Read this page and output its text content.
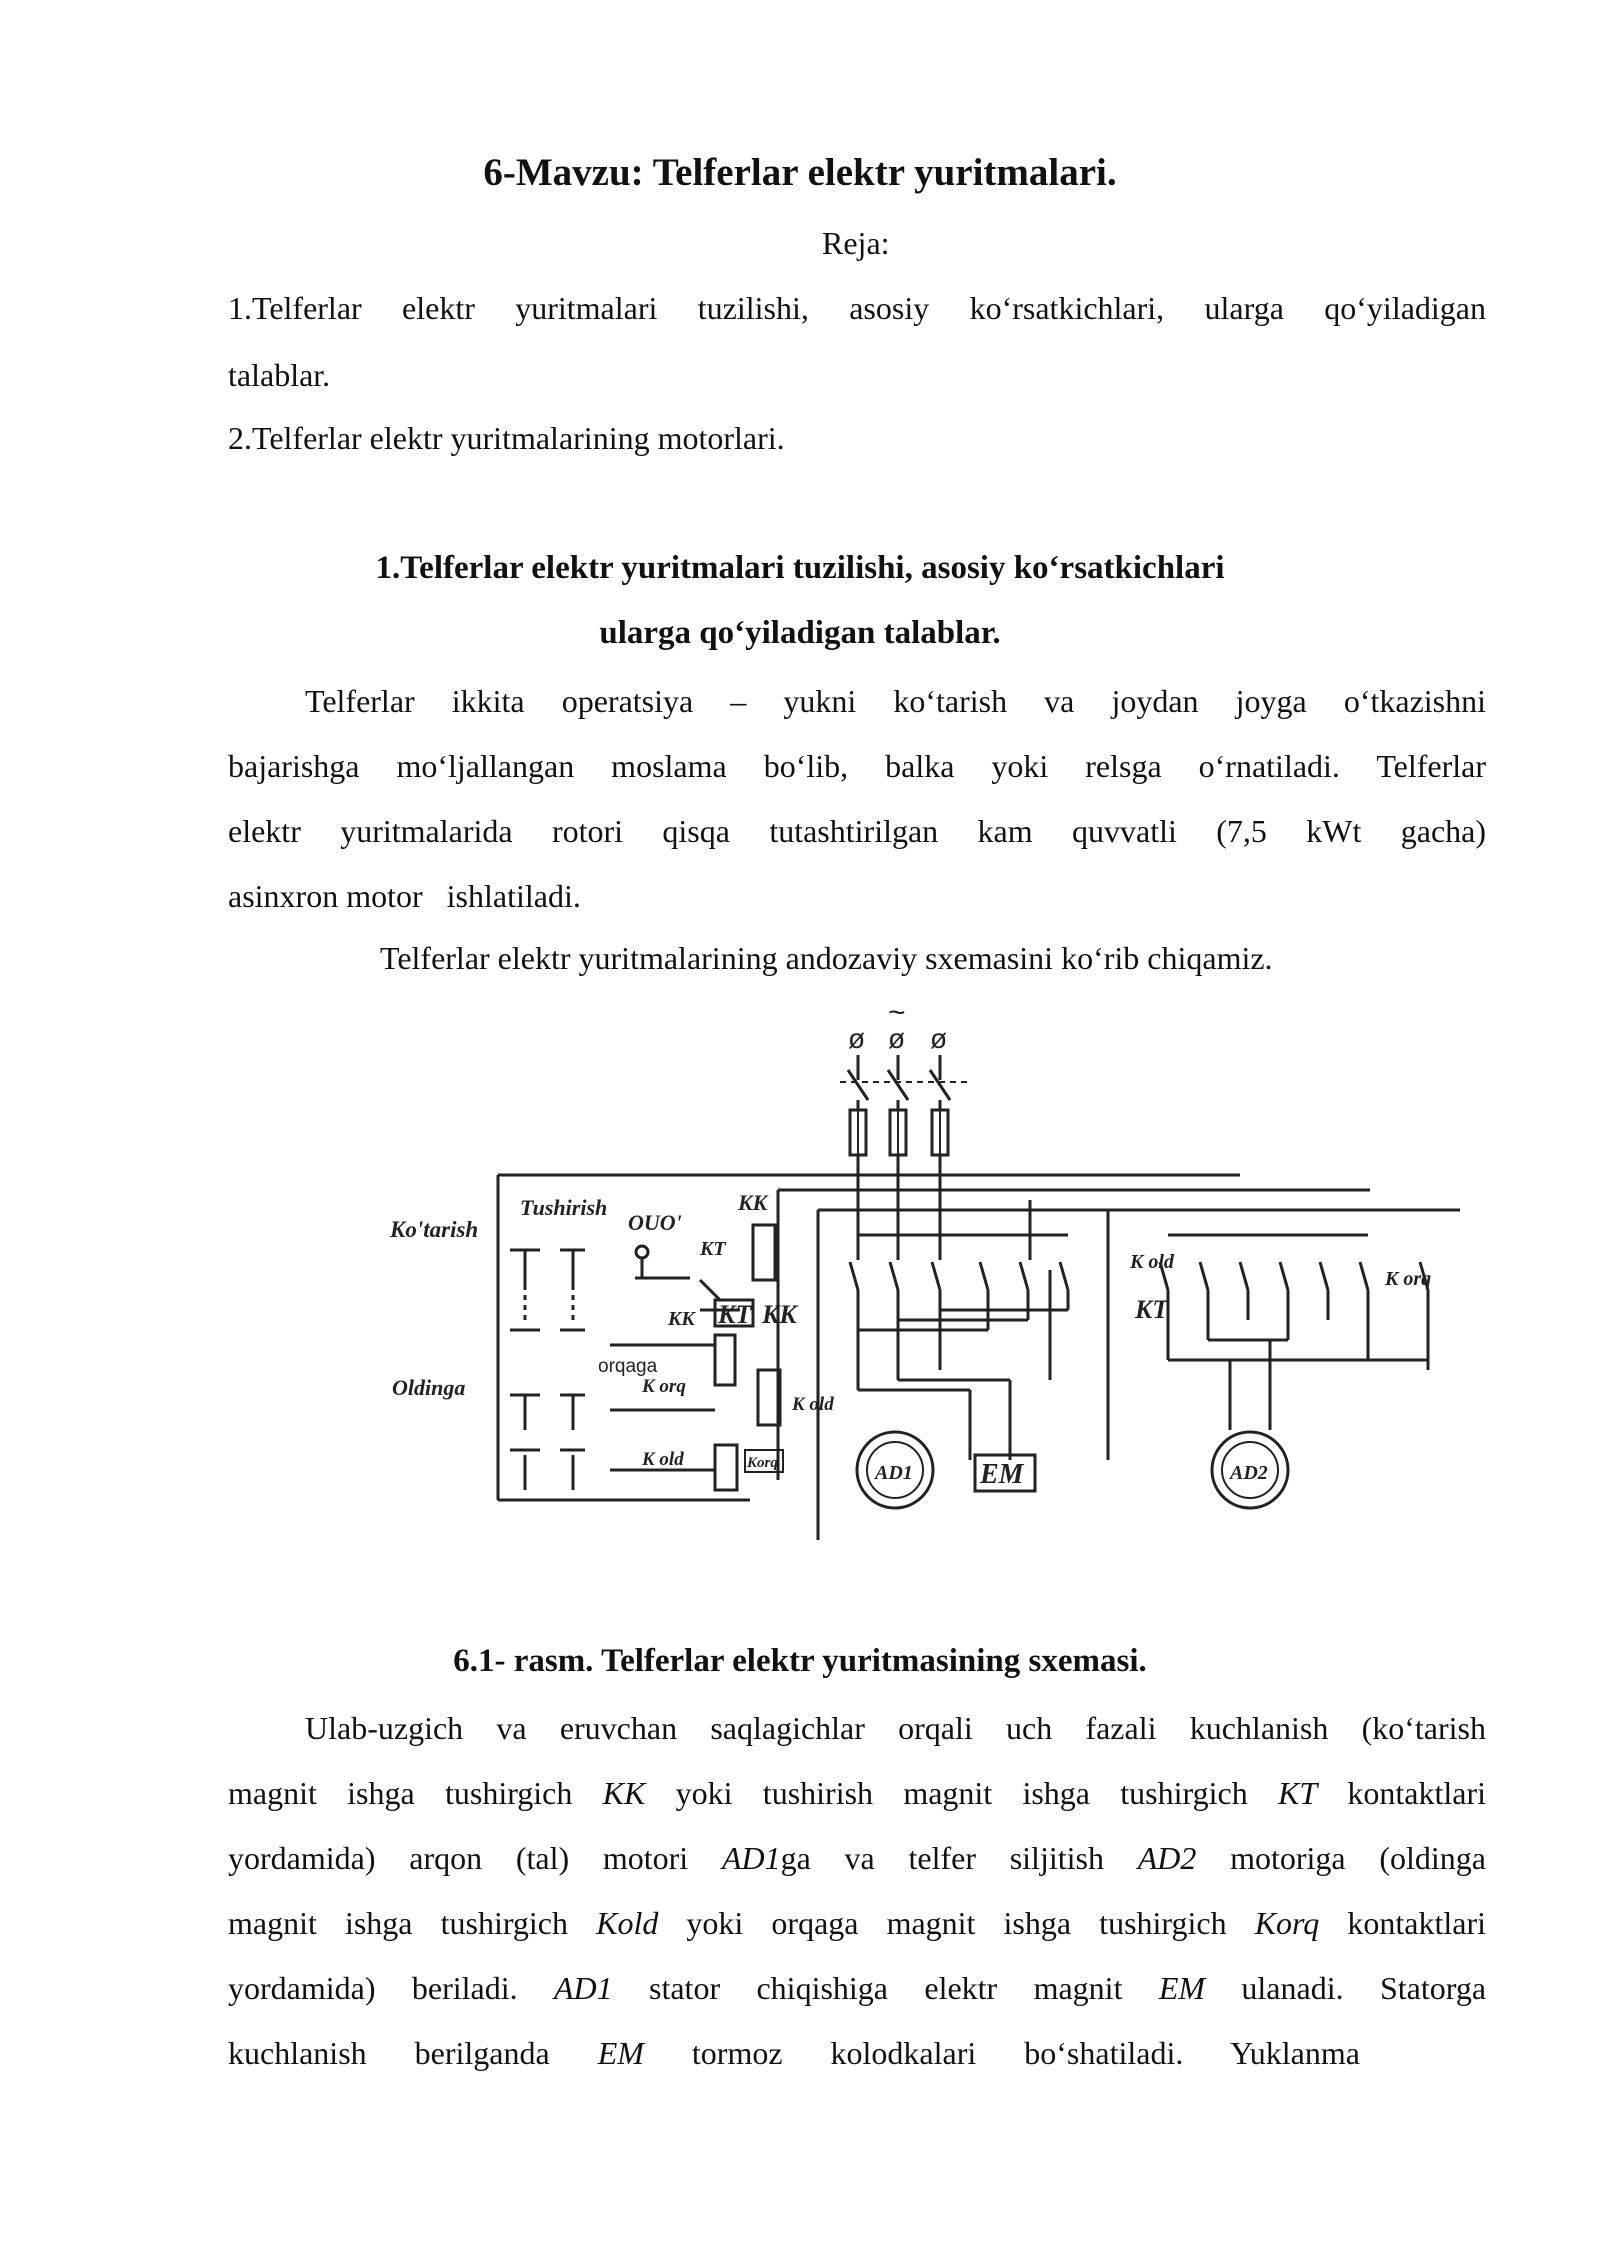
6-Mavzu: Telferlar elektr yuritmalari.
Reja:
1.Telferlar elektr yuritmalari tuzilishi, asosiy ko‘rsatkichlari, ularga qo‘yiladigan
talablar.
2.Telferlar elektr yuritmalarining motorlari.
1.Telferlar elektr yuritmalari tuzilishi, asosiy ko‘rsatkichlari
ularga qo‘yiladigan talablar.
Telferlar ikkita operatsiya – yukni ko‘tarish va joydan joyga o‘tkazishni
bajarishga mo‘ljallangan moslama bo‘lib, balka yoki relsga o‘rnatiladi. Telferlar
elektr yuritmalarida rotori qisqa tutashtirilgan kam quvvatli (7,5 kWt gacha)
asinxron motor   ishlatiladi.
Telferlar elektr yuritmalarining andozaviy sxemasini ko‘rib chiqamiz.
ø ø ø
~
Ko'tarish
Tushirish
OUO'
KK
KT
KK KT KK
Oldinga
orqaga
K orq
K old
K old	Korq	AD1 EM	AD2
K old
KT
K orq
6.1- rasm. Telferlar elektr yuritmasining sxemasi.
Ulab-uzgich va eruvchan saqlagichlar orqali uch fazali kuchlanish (ko‘tarish
magnit ishga tushirgich KK yoki tushirish magnit ishga tushirgich KT kontaktlari
yordamida) arqon (tal) motori AD1ga va telfer siljitish AD2 motoriga (oldinga
magnit ishga tushirgich Kold yoki orqaga magnit ishga tushirgich Korq kontaktlari
yordamida) beriladi. AD1 stator chiqishiga elektr magnit EM ulanadi. Statorga
kuchlanish berilganda EM tormoz kolodkalari bo‘shatiladi. Yuklanma
